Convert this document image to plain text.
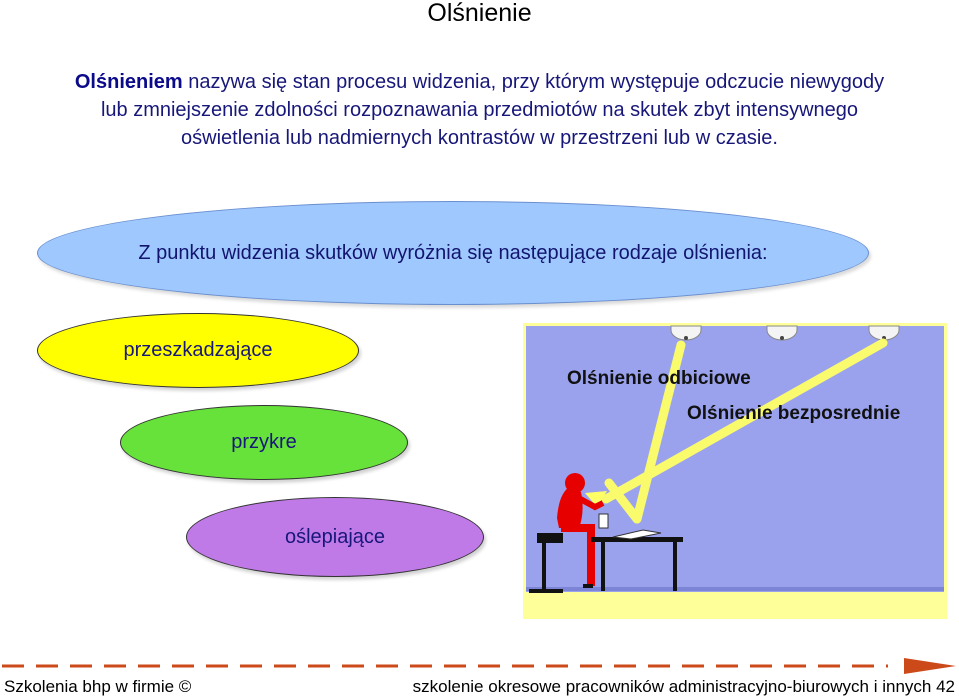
Olśnienie
Olśnieniem nazywa się stan procesu widzenia, przy którym występuje odczucie niewygody lub zmniejszenie zdolności rozpoznawania przedmiotów na skutek zbyt intensywnego oświetlenia lub nadmiernych kontrastów w przestrzeni lub w czasie.
Z punktu widzenia skutków wyróżnia się następujące rodzaje olśnienia:
przeszkadzające
przykre
oślepiające
Olśnienie odbiciowe
Olśnienie bezposrednie
Szkolenia bhp w firmie ©	szkolenie okresowe pracowników administracyjno-biurowych i innych 42
